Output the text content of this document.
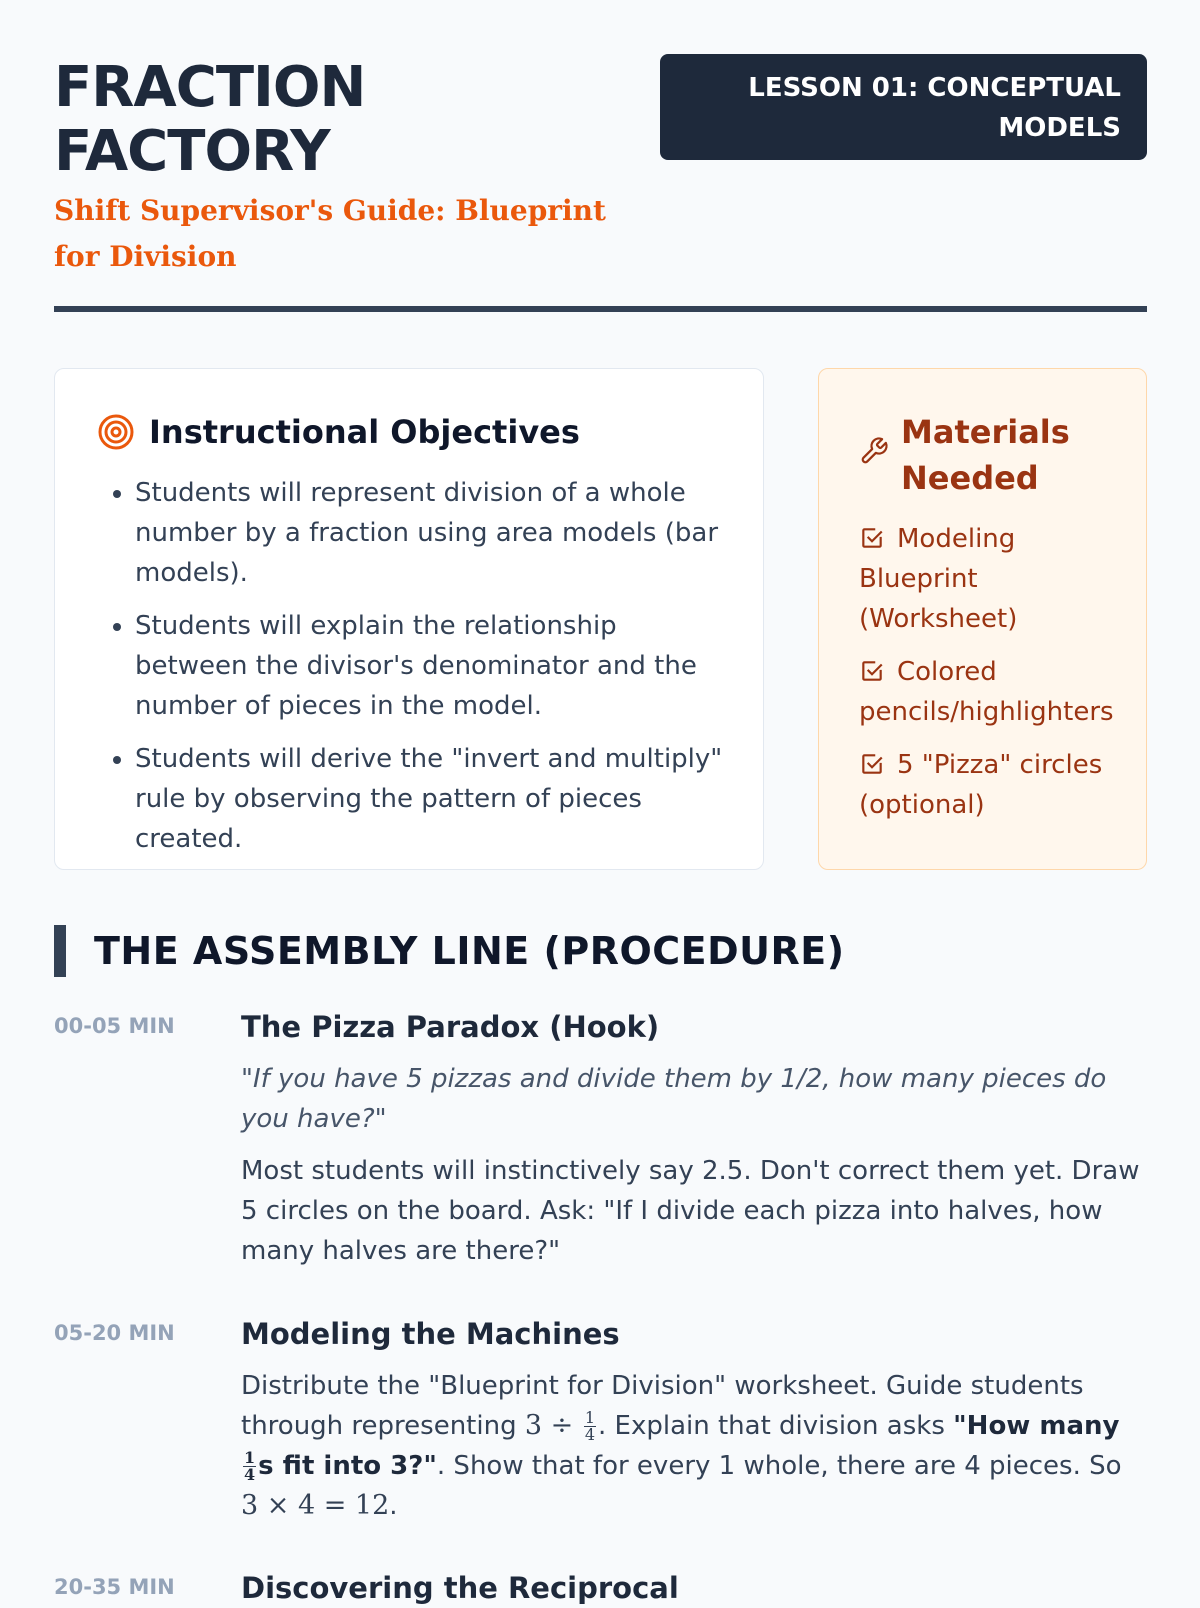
FRACTION
FACTORY

Shift Supervisor's Guide: Blueprint for Division

LESSON 01: CONCEPTUAL MODELS
Instructional Objectives
• Students will represent division of a whole number by a fraction using area models (bar models).
• Students will explain the relationship between the divisor's denominator and the number of pieces in the model.
• Students will derive the "invert and multiply" rule by observing the pattern of pieces created.
Materials Needed
Modeling Blueprint (Worksheet)
Colored pencils/highlighters
5 "Pizza" circles (optional)
THE ASSEMBLY LINE (PROCEDURE)
00-05 MIN	The Pizza Paradox (Hook)

"If you have 5 pizzas and divide them by 1/2, how many pieces do you have?"

Most students will instinctively say 2.5. Don't correct them yet. Draw 5 circles on the board. Ask: "If I divide each pizza into halves, how many halves are there?"

05-20 MIN	Modeling the Machines

Distribute the "Blueprint for Division" worksheet. Guide students through representing $3 \div \frac{1}{4}$ . Explain that division asks "How many
$\frac{1}{4}$ s fit into 3?". Show that for every 1 whole, there are 4 pieces. So 3 × 4 = 12.

20-35 MIN	Discovering the Reciprocal
